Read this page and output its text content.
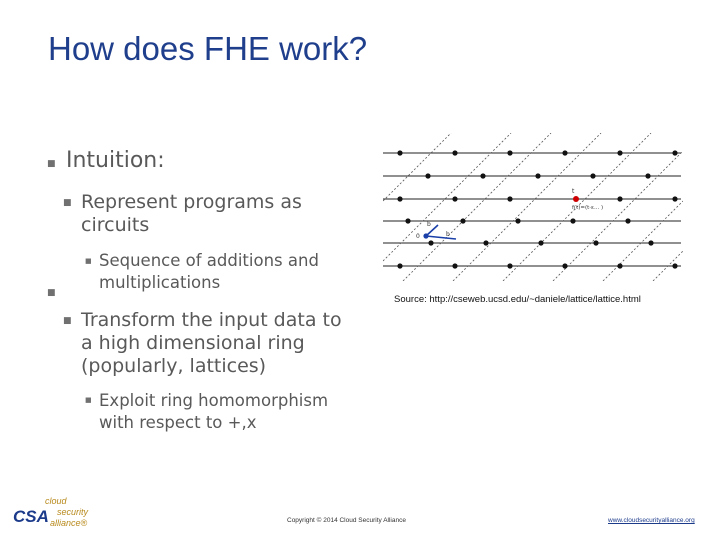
How does FHE work?
■ Intuition:
■ Represent programs as circuits
■ Sequence of additions and multiplications
■
■ Transform the input data to a high dimensional ring (popularly, lattices)
■ Exploit ring homomorphism with respect to +,x
t
f(t)=(t·ε... )
b
b
0
Source: http://cseweb.ucsd.edu/~daniele/lattice/lattice.html
CSA
cloud
security
alliance®	Copyright © 2014 Cloud Security Alliance	www.cloudsecurityalliance.org
